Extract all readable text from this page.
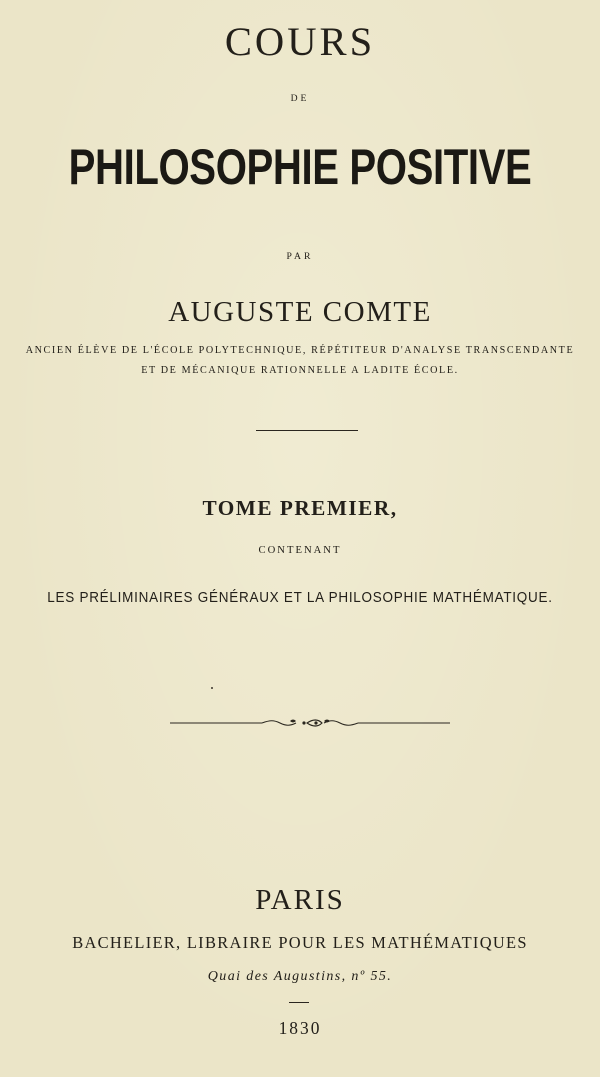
COURS
DE
PHILOSOPHIE POSITIVE
PAR
AUGUSTE COMTE
ANCIEN ÉLÈVE DE L'ÉCOLE POLYTECHNIQUE, RÉPÉTITEUR D'ANALYSE TRANSCENDANTE
ET DE MÉCANIQUE RATIONNELLE A LADITE ÉCOLE.
TOME PREMIER,
CONTENANT
LES PRÉLIMINAIRES GÉNÉRAUX ET LA PHILOSOPHIE MATHÉMATIQUE.
PARIS
BACHELIER, LIBRAIRE POUR LES MATHÉMATIQUES
Quai des Augustins, nº 55.
1830
